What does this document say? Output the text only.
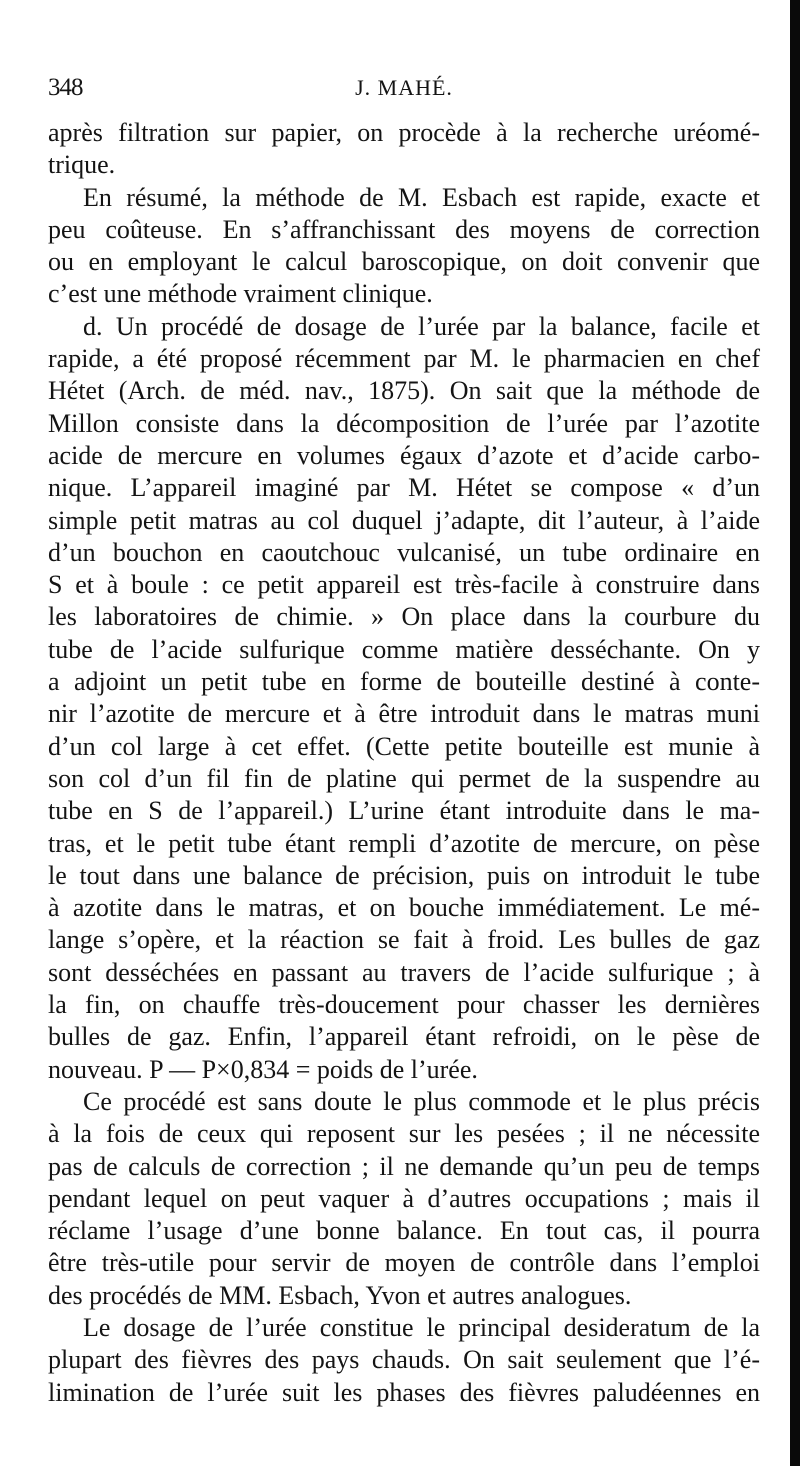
348	J. MAHÉ.
après filtration sur papier, on procède à la recherche uréomé-
trique.
En résumé, la méthode de M. Esbach est rapide, exacte et
peu coûteuse. En s’affranchissant des moyens de correction
ou en employant le calcul baroscopique, on doit convenir que
c’est une méthode vraiment clinique.
d. Un procédé de dosage de l’urée par la balance, facile et
rapide, a été proposé récemment par M. le pharmacien en chef
Hétet (Arch. de méd. nav., 1875). On sait que la méthode de
Millon consiste dans la décomposition de l’urée par l’azotite
acide de mercure en volumes égaux d’azote et d’acide carbo-
nique. L’appareil imaginé par M. Hétet se compose « d’un
simple petit matras au col duquel j’adapte, dit l’auteur, à l’aide
d’un bouchon en caoutchouc vulcanisé, un tube ordinaire en
S et à boule : ce petit appareil est très-facile à construire dans
les laboratoires de chimie. » On place dans la courbure du
tube de l’acide sulfurique comme matière desséchante. On y
a adjoint un petit tube en forme de bouteille destiné à conte-
nir l’azotite de mercure et à être introduit dans le matras muni
d’un col large à cet effet. (Cette petite bouteille est munie à
son col d’un fil fin de platine qui permet de la suspendre au
tube en S de l’appareil.) L’urine étant introduite dans le ma-
tras, et le petit tube étant rempli d’azotite de mercure, on pèse
le tout dans une balance de précision, puis on introduit le tube
à azotite dans le matras, et on bouche immédiatement. Le mé-
lange s’opère, et la réaction se fait à froid. Les bulles de gaz
sont desséchées en passant au travers de l’acide sulfurique ; à
la fin, on chauffe très-doucement pour chasser les dernières
bulles de gaz. Enfin, l’appareil étant refroidi, on le pèse de
nouveau. P — P×0,834 = poids de l’urée.
Ce procédé est sans doute le plus commode et le plus précis
à la fois de ceux qui reposent sur les pesées ; il ne nécessite
pas de calculs de correction ; il ne demande qu’un peu de temps
pendant lequel on peut vaquer à d’autres occupations ; mais il
réclame l’usage d’une bonne balance. En tout cas, il pourra
être très-utile pour servir de moyen de contrôle dans l’emploi
des procédés de MM. Esbach, Yvon et autres analogues.
Le dosage de l’urée constitue le principal desideratum de la
plupart des fièvres des pays chauds. On sait seulement que l’é-
limination de l’urée suit les phases des fièvres paludéennes en
